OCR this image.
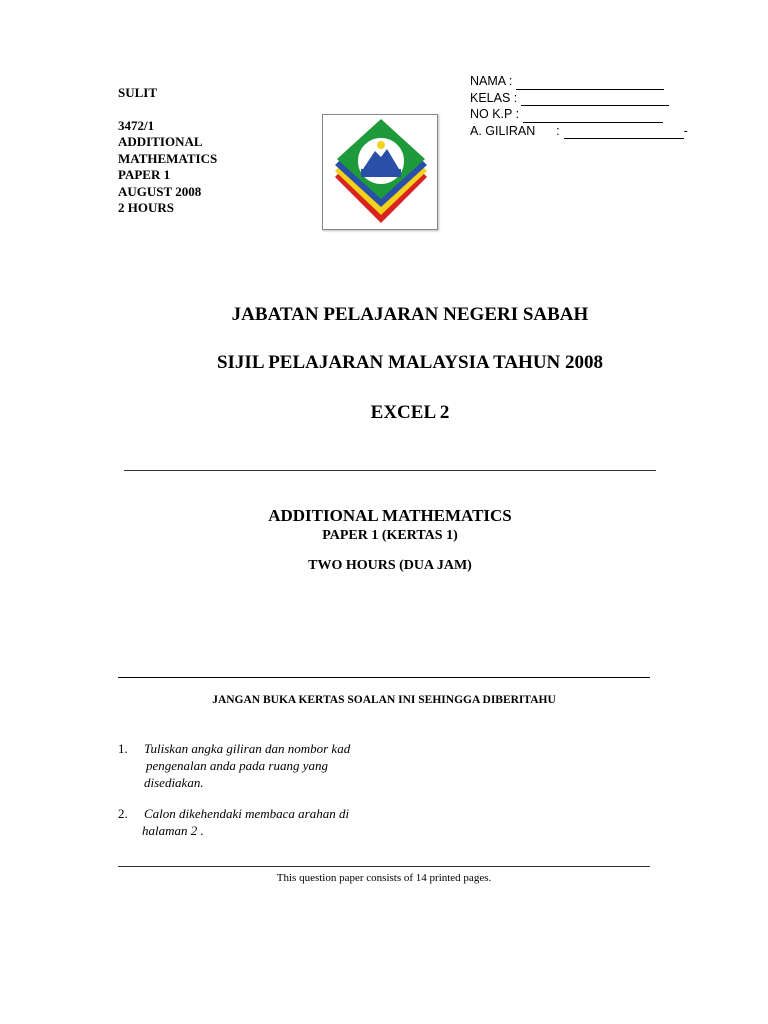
SULIT
3472/1
ADDITIONAL
MATHEMATICS
PAPER 1
AUGUST 2008
2 HOURS
NAMA :
KELAS :
NO K.P :
A. GILIRAN      :	-
JABATAN PELAJARAN NEGERI SABAH
SIJIL PELAJARAN MALAYSIA TAHUN 2008
EXCEL 2
ADDITIONAL MATHEMATICS
PAPER 1 (KERTAS 1)
TWO HOURS (DUA JAM)
JANGAN BUKA KERTAS SOALAN INI SEHINGGA DIBERITAHU
1.	Tuliskan angka giliran dan nombor kad
pengenalan anda pada ruang yang
disediakan.
2.	Calon dikehendaki membaca arahan di
halaman 2 .
This question paper consists of 14 printed pages.
